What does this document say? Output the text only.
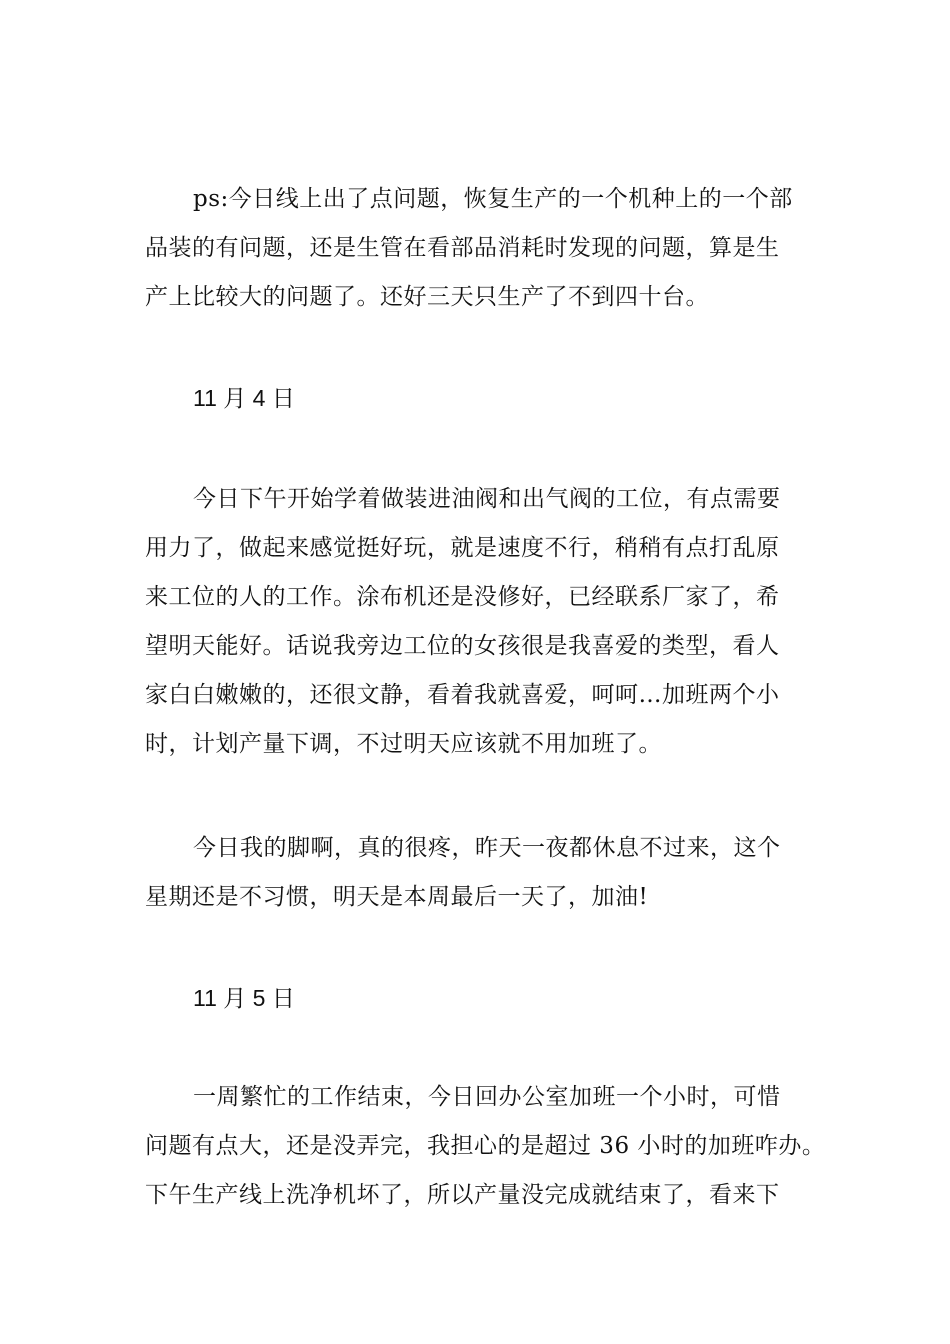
ps:今日线上出了点问题，恢复生产的一个机种上的一个部
品装的有问题，还是生管在看部品消耗时发现的问题，算是生
产上比较大的问题了。还好三天只生产了不到四十台。
11 月 4 日
今日下午开始学着做装进油阀和出气阀的工位，有点需要
用力了，做起来感觉挺好玩，就是速度不行，稍稍有点打乱原
来工位的人的工作。涂布机还是没修好，已经联系厂家了，希
望明天能好。话说我旁边工位的女孩很是我喜爱的类型，看人
家白白嫩嫩的，还很文静，看着我就喜爱，呵呵…加班两个小
时，计划产量下调，不过明天应该就不用加班了。
今日我的脚啊，真的很疼，昨天一夜都休息不过来，这个
星期还是不习惯，明天是本周最后一天了，加油!
11 月 5 日
一周繁忙的工作结束，今日回办公室加班一个小时，可惜
问题有点大，还是没弄完，我担心的是超过 36 小时的加班咋办。
下午生产线上洗净机坏了，所以产量没完成就结束了，看来下
